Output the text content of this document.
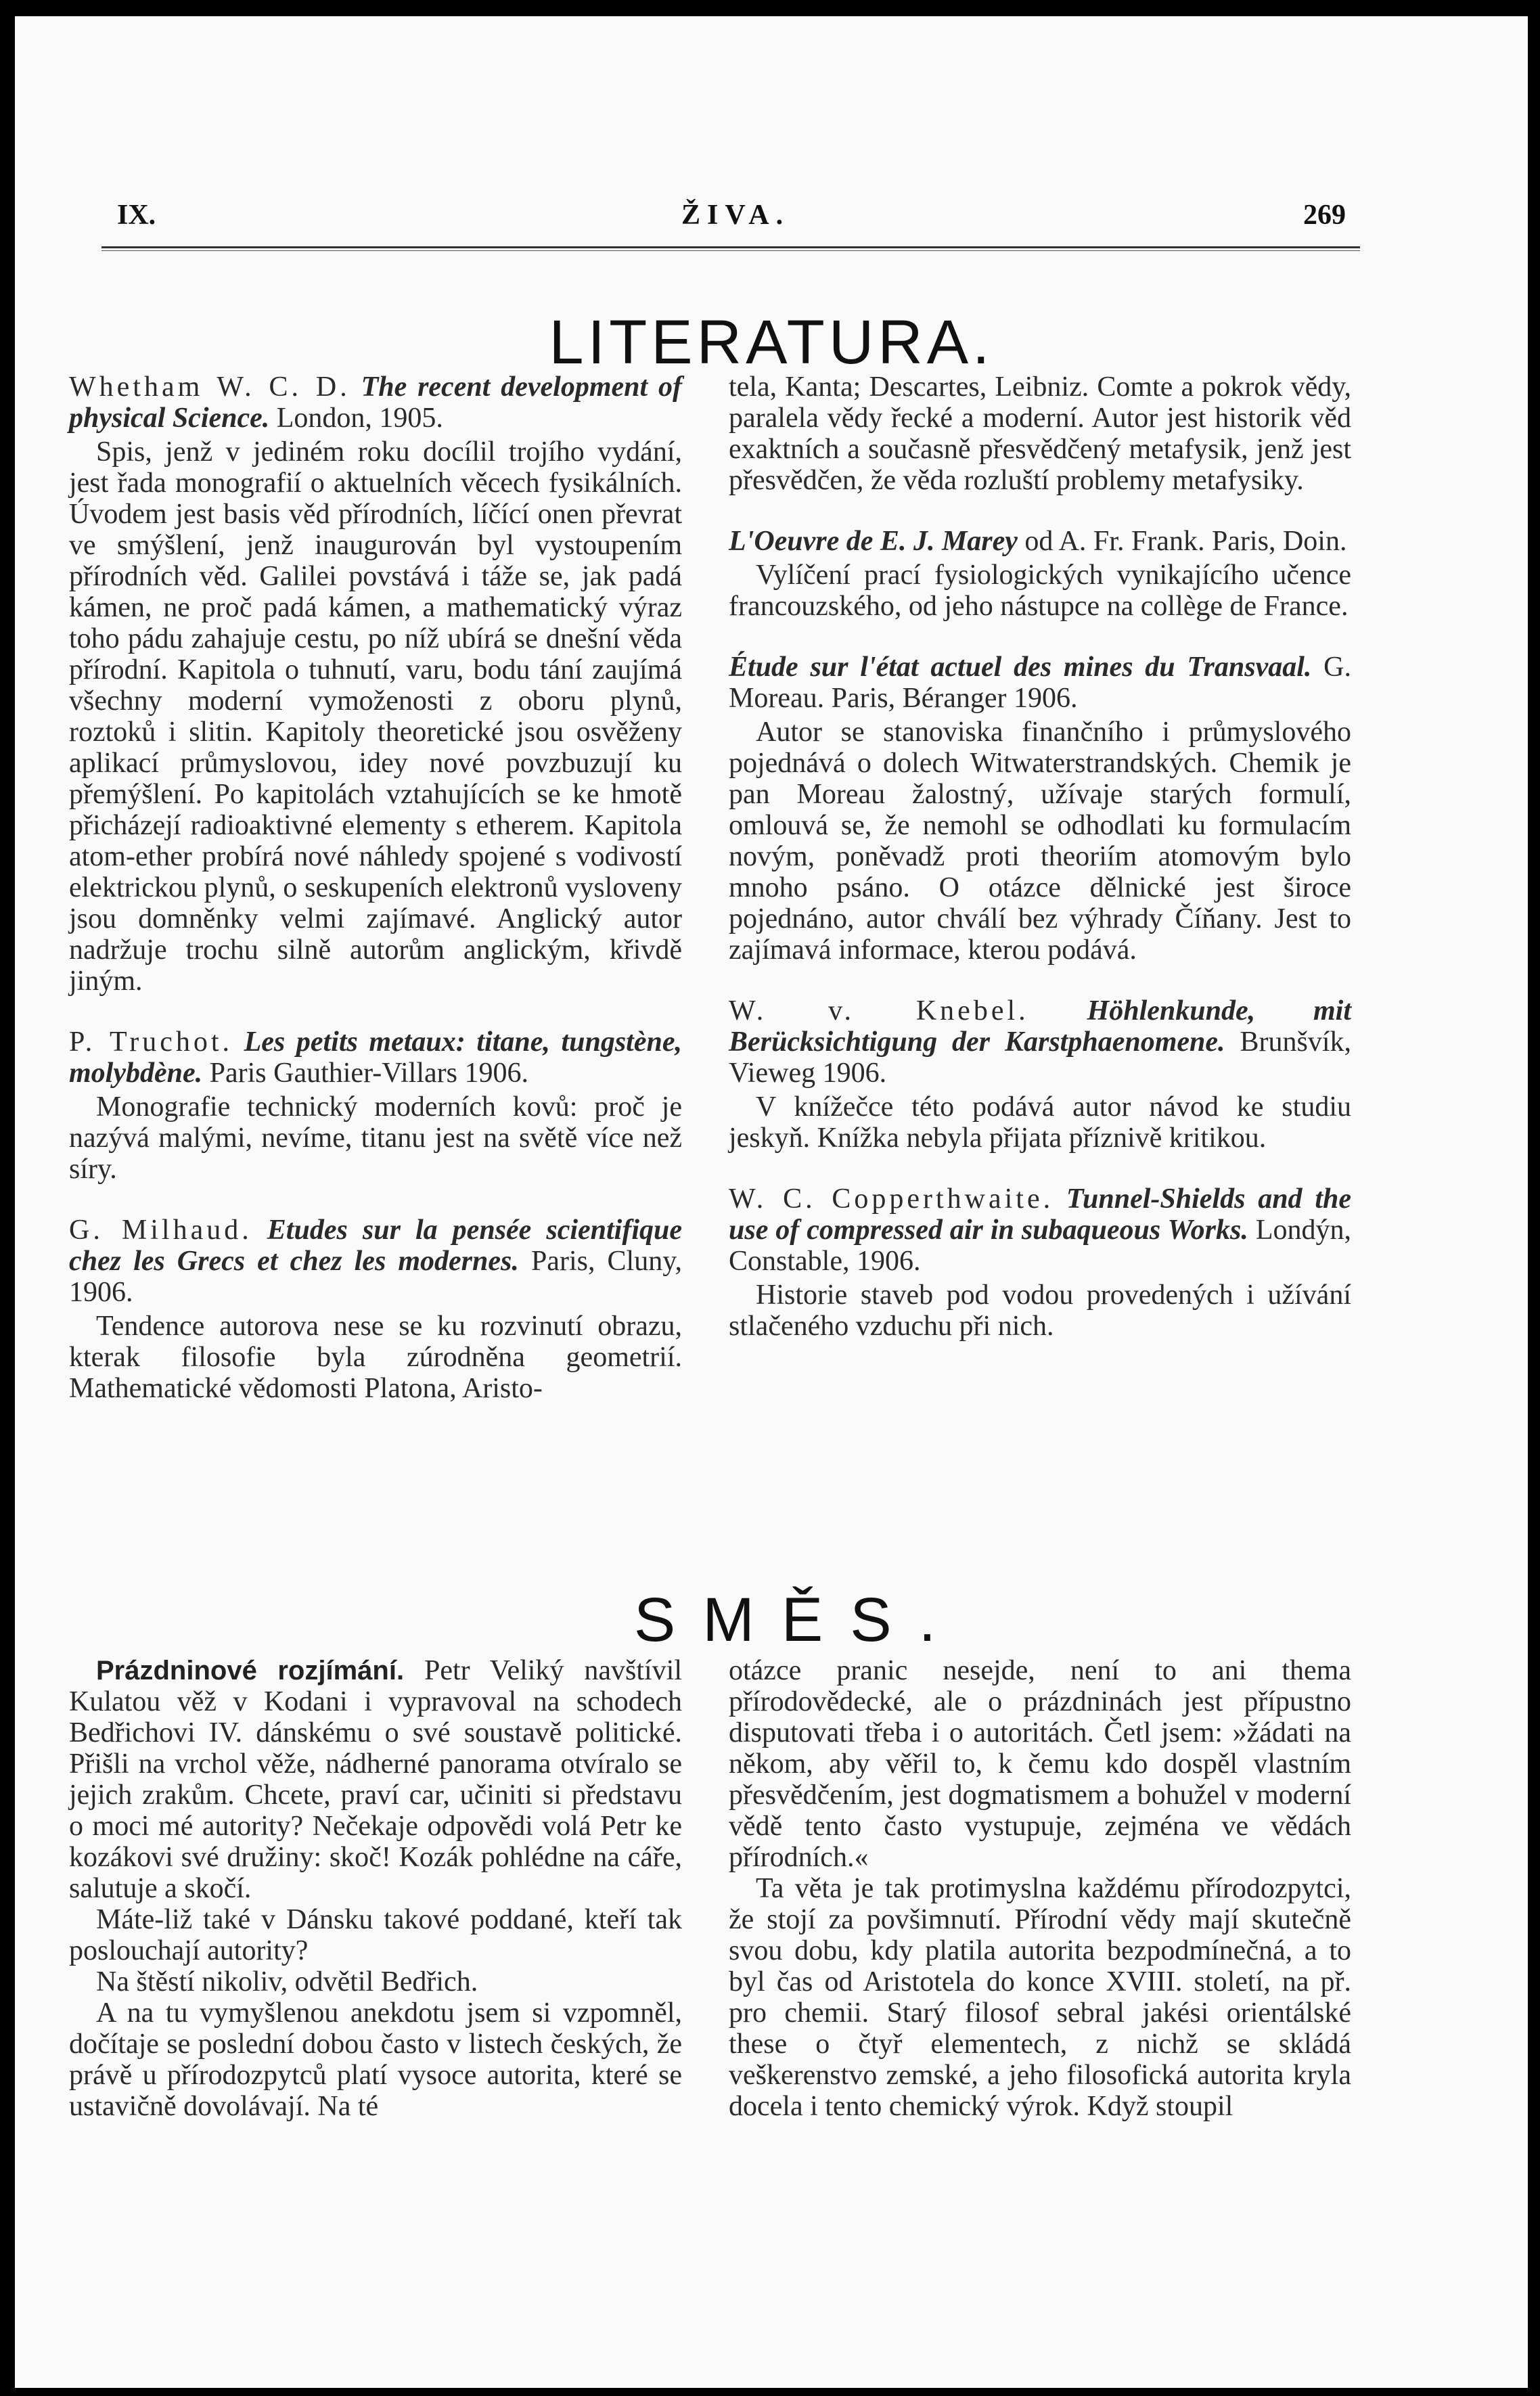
IX.	ŽIVA.	269
LITERATURA.
Whetham W. C. D. The recent development of physical Science. London, 1905.

Spis, jenž v jediném roku docílil trojího vydání, jest řada monografií o aktuelních věcech fysikálních. Úvodem jest basis věd přírodních, líčící onen převrat ve smýšlení, jenž inaugurován byl vystoupením přírodních věd. Galilei povstává i táže se, jak padá kámen, ne proč padá kámen, a mathematický výraz toho pádu zahajuje cestu, po níž ubírá se dnešní věda přírodní. Kapitola o tuhnutí, varu, bodu tání zaujímá všechny moderní vymoženosti z oboru plynů, roztoků i slitin. Kapitoly theoretické jsou osvěženy aplikací průmyslovou, idey nové povzbuzují ku přemýšlení. Po kapitolách vztahujících se ke hmotě přicházejí radioaktivné elementy s etherem. Kapitola atom-ether probírá nové náhledy spojené s vodivostí elektrickou plynů, o seskupeních elektronů vysloveny jsou domněnky velmi zajímavé. Anglický autor nadržuje trochu silně autorům anglickým, křivdě jiným.

P. Truchot. Les petits metaux: titane, tungstène, molybdène. Paris Gauthier-Villars 1906.

Monografie technický moderních kovů: proč je nazývá malými, nevíme, titanu jest na světě více než síry.

G. Milhaud. Etudes sur la pensée scientifique chez les Grecs et chez les modernes. Paris, Cluny, 1906.

Tendence autorova nese se ku rozvinutí obrazu, kterak filosofie byla zúrodněna geometrií. Mathematické vědomosti Platona, Aristo-

tela, Kanta; Descartes, Leibniz. Comte a pokrok vědy, paralela vědy řecké a moderní. Autor jest historik věd exaktních a současně přesvědčený metafysik, jenž jest přesvědčen, že věda rozluští problemy metafysiky.

L'Oeuvre de E. J. Marey od A. Fr. Frank. Paris, Doin.

Vylíčení prací fysiologických vynikajícího učence francouzského, od jeho nástupce na collège de France.

Étude sur l'état actuel des mines du Transvaal. G. Moreau. Paris, Béranger 1906.

Autor se stanoviska finančního i průmyslového pojednává o dolech Witwaterstrandských. Chemik je pan Moreau žalostný, užívaje starých formulí, omlouvá se, že nemohl se odhodlati ku formulacím novým, poněvadž proti theoriím atomovým bylo mnoho psáno. O otázce dělnické jest široce pojednáno, autor chválí bez výhrady Číňany. Jest to zajímavá informace, kterou podává.

W. v. Knebel. Höhlenkunde, mit Berücksichtigung der Karstphaenomene. Brunšvík, Vieweg 1906.

V knížečce této podává autor návod ke studiu jeskyň. Knížka nebyla přijata příznivě kritikou.

W. C. Copperthwaite. Tunnel-Shields and the use of compressed air in subaqueous Works. Londýn, Constable, 1906.

Historie staveb pod vodou provedených i užívání stlačeného vzduchu při nich.

SMĚS.

Prázdninové rozjímání. Petr Veliký navštívil Kulatou věž v Kodani i vypravoval na schodech Bedřichovi IV. dánskému o své soustavě politické. Přišli na vrchol věže, nádherné panorama otvíralo se jejich zrakům. Chcete, praví car, učiniti si představu o moci mé autority? Nečekaje odpovědi volá Petr ke kozákovi své družiny: skoč! Kozák pohlédne na cáře, salutuje a skočí.

Máte-liž také v Dánsku takové poddané, kteří tak poslouchají autority?

Na štěstí nikoliv, odvětil Bedřich.

A na tu vymyšlenou anekdotu jsem si vzpomněl, dočítaje se poslední dobou často v listech českých, že právě u přírodozpytců platí vysoce autorita, které se ustavičně dovolávají. Na té

otázce pranic nesejde, není to ani thema přírodovědecké, ale o prázdninách jest přípustno disputovati třeba i o autoritách. Četl jsem: »žádati na někom, aby věřil to, k čemu kdo dospěl vlastním přesvědčením, jest dogmatismem a bohužel v moderní vědě tento často vystupuje, zejména ve vědách přírodních.«

Ta věta je tak protimyslna každému přírodozpytci, že stojí za povšimnutí. Přírodní vědy mají skutečně svou dobu, kdy platila autorita bezpodmínečná, a to byl čas od Aristotela do konce XVIII. století, na př. pro chemii. Starý filosof sebral jakési orientálské these o čtyř elementech, z nichž se skládá veškerenstvo zemské, a jeho filosofická autorita kryla docela i tento chemický výrok. Když stoupil
